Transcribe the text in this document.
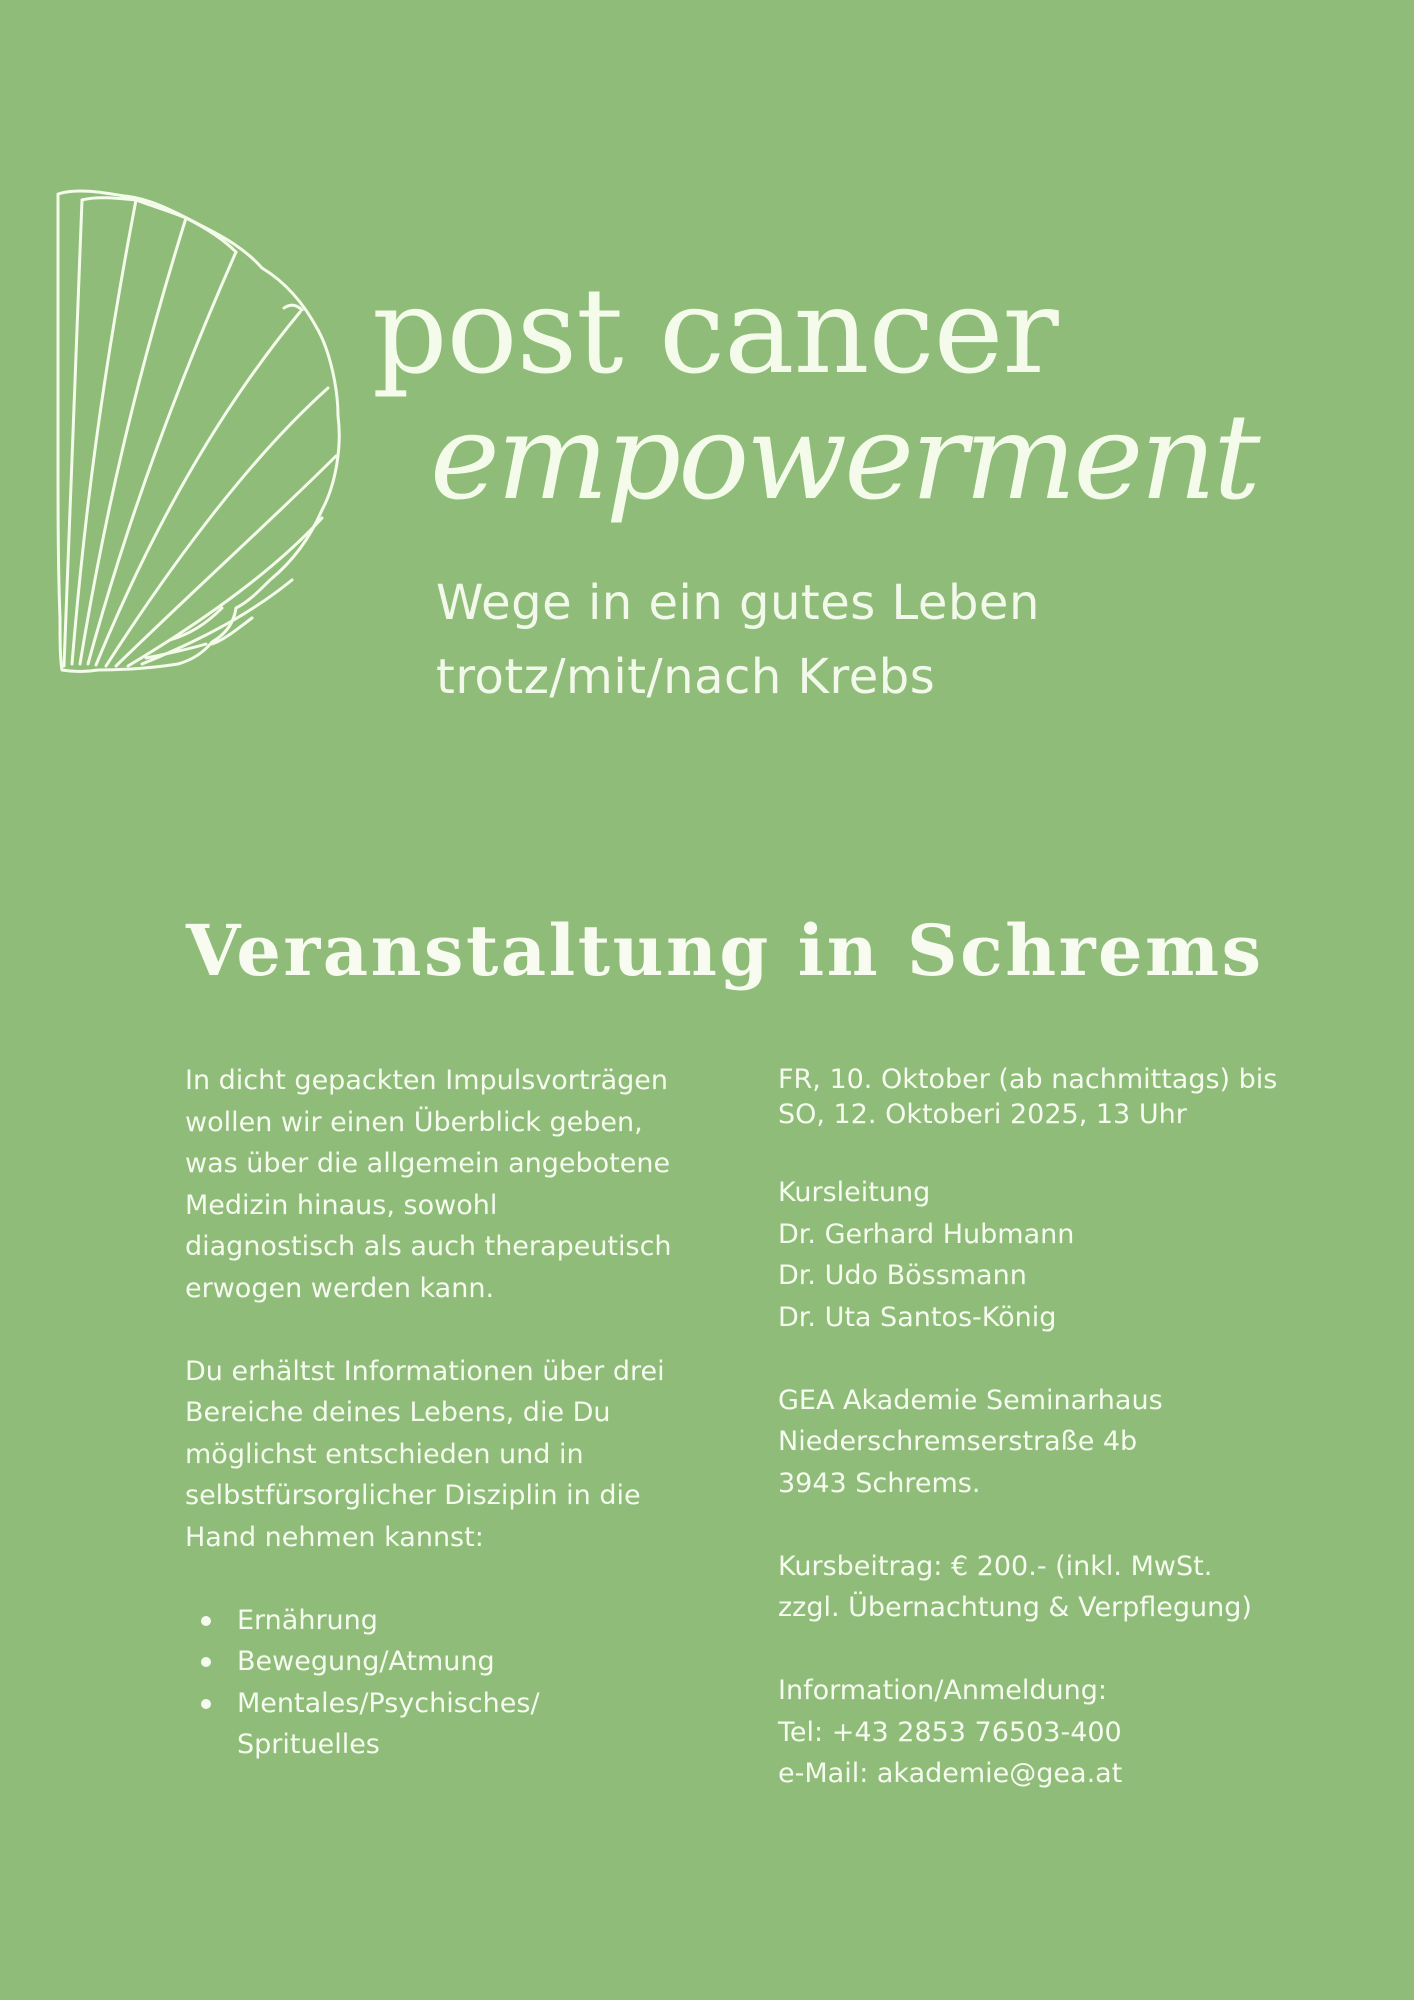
post cancer
empowerment
Wege in ein gutes Leben
trotz/mit/nach Krebs
Veranstaltung in Schrems

In dicht gepackten Impulsvorträgen
wollen wir einen Überblick geben,
was über die allgemein angebotene
Medizin hinaus, sowohl
diagnostisch als auch therapeutisch
erwogen werden kann.

Du erhältst Informationen über drei
Bereiche deines Lebens, die Du
möglichst entschieden und in
selbstfürsorglicher Disziplin in die
Hand nehmen kannst:

Ernährung
Bewegung/Atmung
Mentales/Psychisches/
Sprituelles

FR, 10. Oktober (ab nachmittags) bis
SO, 12. Oktoberi 2025, 13 Uhr

Kursleitung
Dr. Gerhard Hubmann
Dr. Udo Bössmann
Dr. Uta Santos-König

GEA Akademie Seminarhaus
Niederschremserstraße 4b
3943 Schrems.

Kursbeitrag: € 200.- (inkl. MwSt.
zzgl. Übernachtung & Verpflegung)

Information/Anmeldung:
Tel: +43 2853 76503-400
e-Mail: akademie@gea.at
